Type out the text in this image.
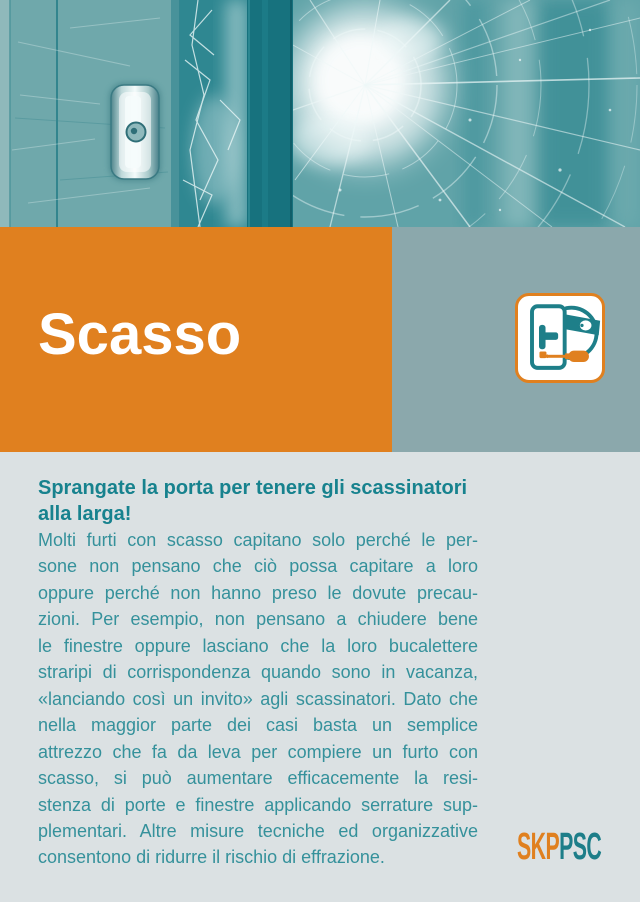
Scasso
Sprangate la porta per tenere gli scassinatori
alla larga!
Molti furti con scasso capitano solo perché le per-
sone non pensano che ciò possa capitare a loro
oppure perché non hanno preso le dovute precau-
zioni. Per esempio, non pensano a chiudere bene
le finestre oppure lasciano che la loro bucalettere
straripi di corrispondenza quando sono in vacanza,
«lanciando così un invito» agli scassinatori. Dato che
nella maggior parte dei casi basta un semplice
attrezzo che fa da leva per compiere un furto con
scasso, si può aumentare efficacemente la resi-
stenza di porte e finestre applicando serrature sup-
plementari. Altre misure tecniche ed organizzative
consentono di ridurre il rischio di effrazione.	SKPPSC
